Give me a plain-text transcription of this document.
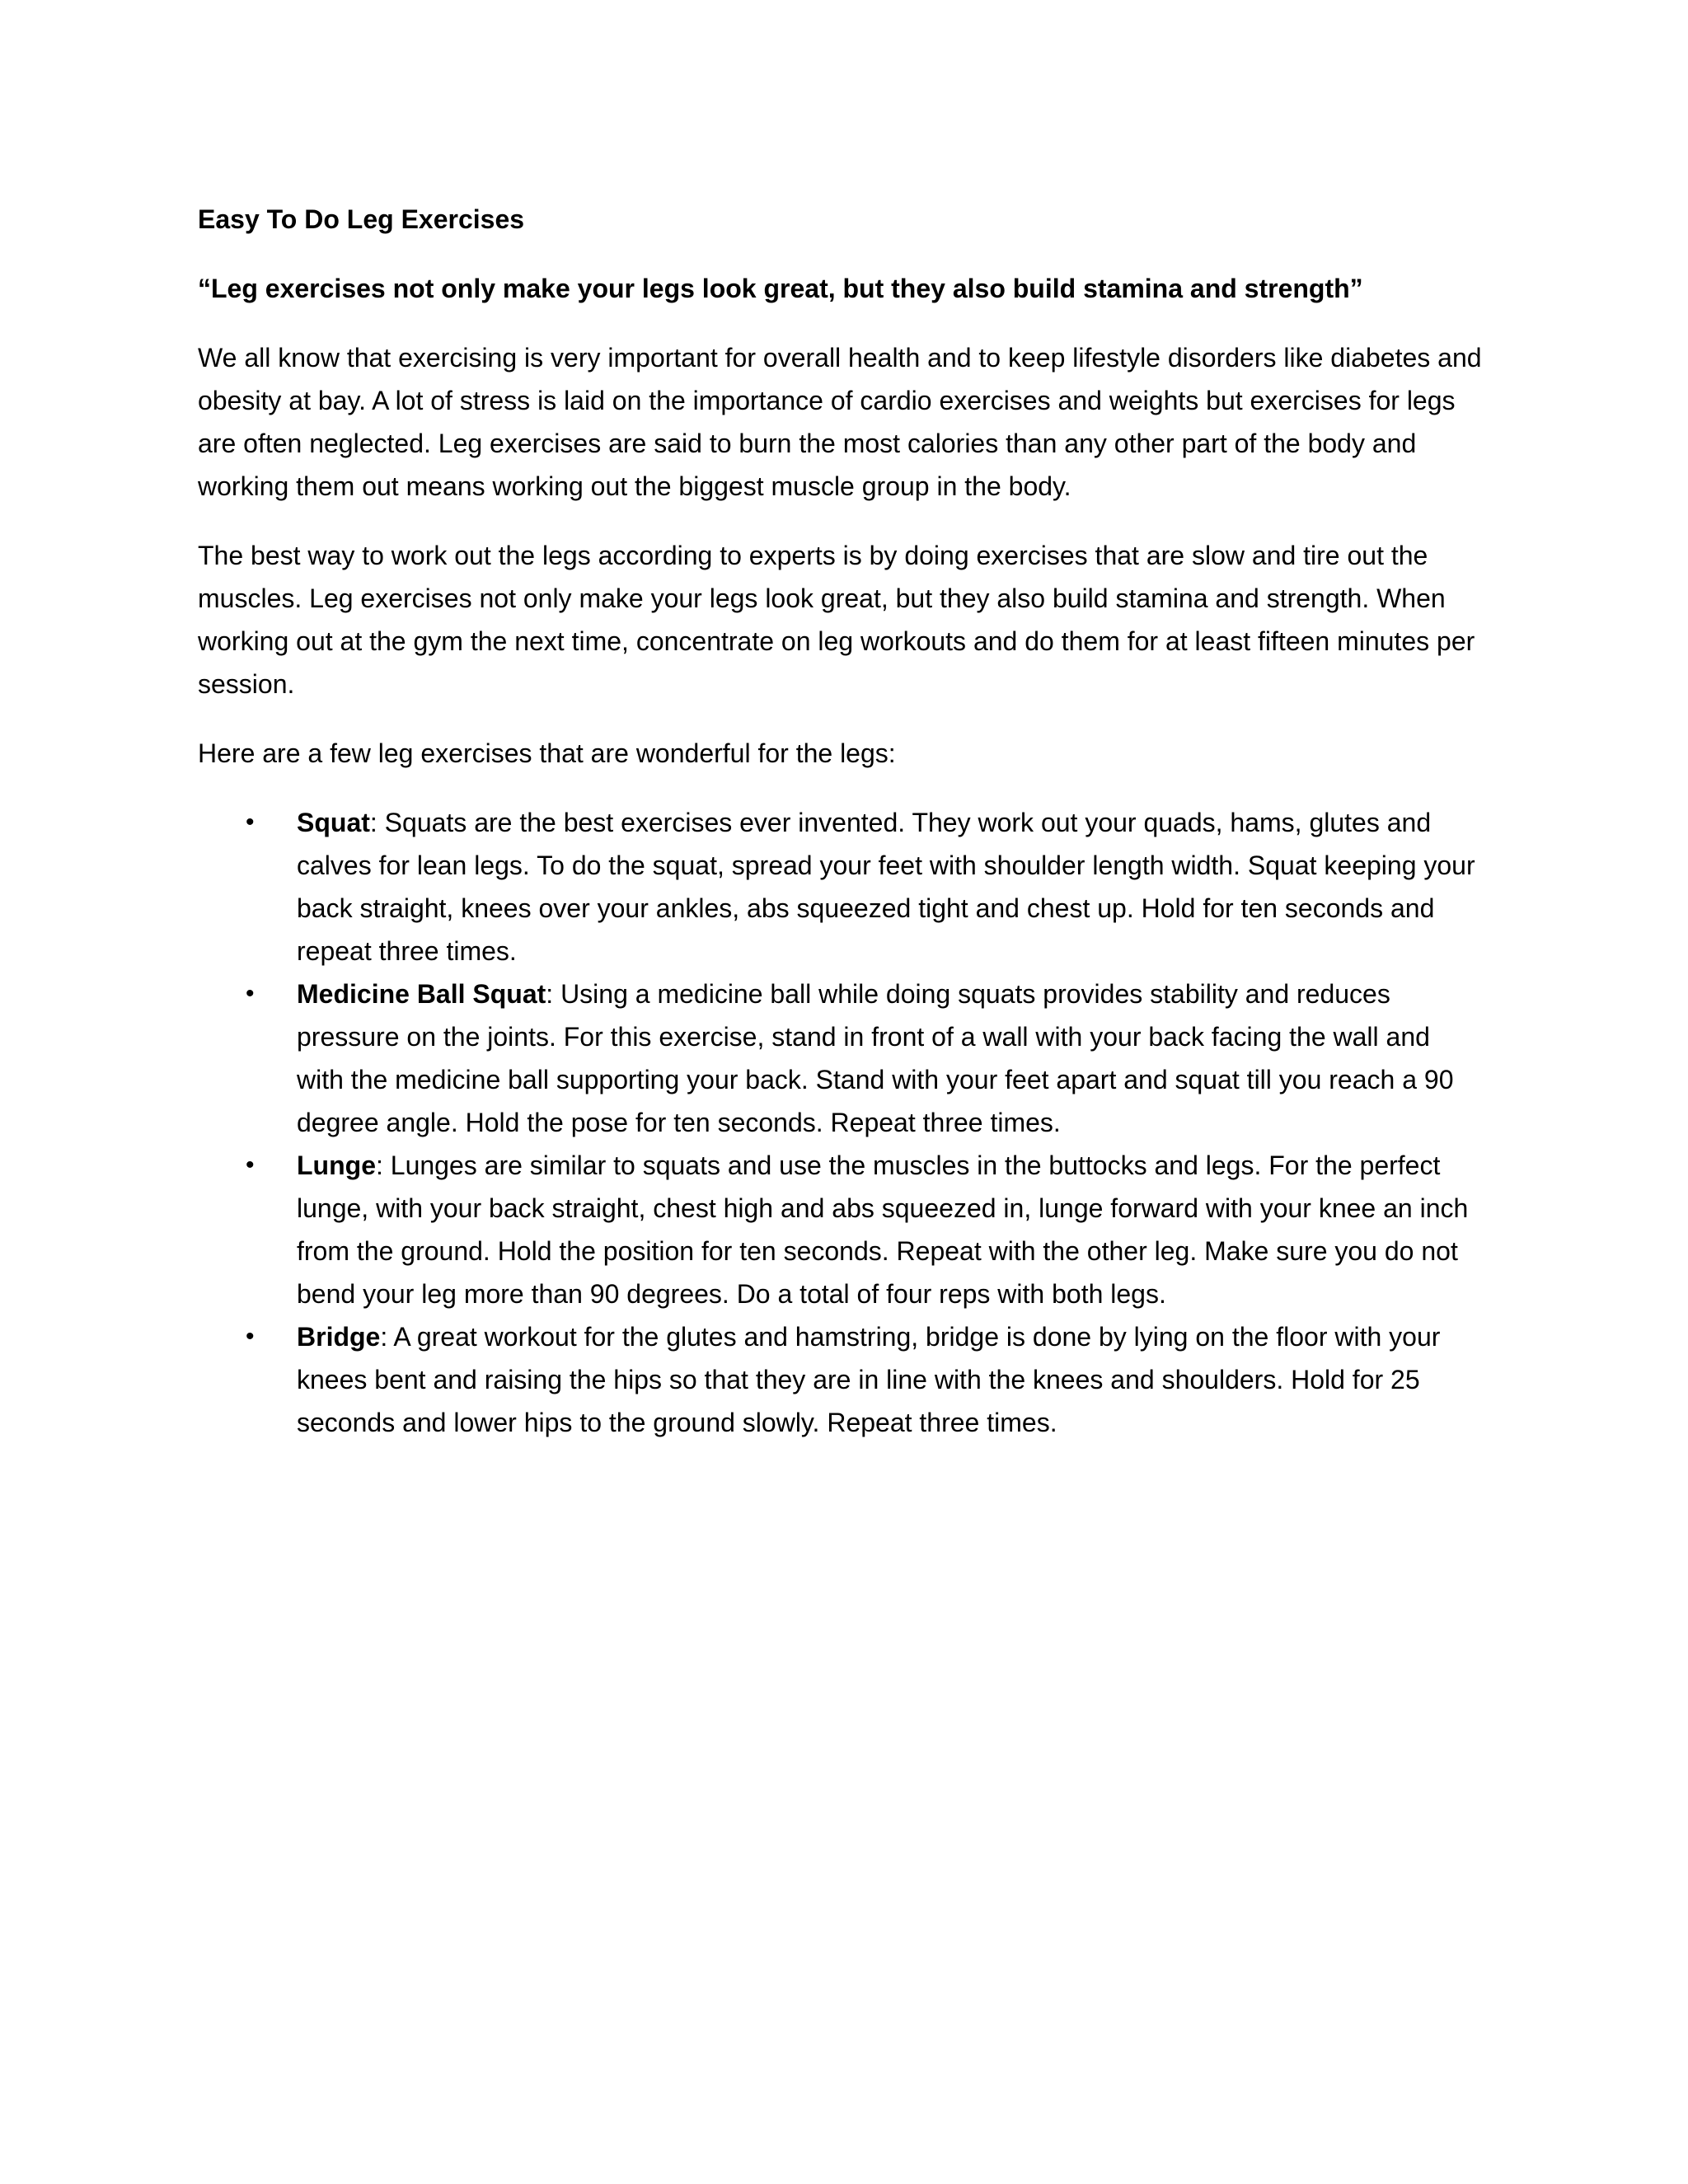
Easy To Do Leg Exercises
“Leg exercises not only make your legs look great, but they also build stamina and strength”

We all know that exercising is very important for overall health and to keep lifestyle disorders like diabetes and obesity at bay. A lot of stress is laid on the importance of cardio exercises and weights but exercises for legs are often neglected. Leg exercises are said to burn the most calories than any other part of the body and working them out means working out the biggest muscle group in the body.

The best way to work out the legs according to experts is by doing exercises that are slow and tire out the muscles. Leg exercises not only make your legs look great, but they also build stamina and strength. When working out at the gym the next time, concentrate on leg workouts and do them for at least fifteen minutes per session.

Here are a few leg exercises that are wonderful for the legs:

• Squat: Squats are the best exercises ever invented. They work out your quads, hams, glutes and calves for lean legs. To do the squat, spread your feet with shoulder length width. Squat keeping your back straight, knees over your ankles, abs squeezed tight and chest up. Hold for ten seconds and repeat three times.
• Medicine Ball Squat: Using a medicine ball while doing squats provides stability and reduces pressure on the joints. For this exercise, stand in front of a wall with your back facing the wall and with the medicine ball supporting your back. Stand with your feet apart and squat till you reach a 90 degree angle. Hold the pose for ten seconds. Repeat three times.
• Lunge: Lunges are similar to squats and use the muscles in the buttocks and legs. For the perfect lunge, with your back straight, chest high and abs squeezed in, lunge forward with your knee an inch from the ground. Hold the position for ten seconds. Repeat with the other leg. Make sure you do not bend your leg more than 90 degrees. Do a total of four reps with both legs.
• Bridge: A great workout for the glutes and hamstring, bridge is done by lying on the floor with your knees bent and raising the hips so that they are in line with the knees and shoulders. Hold for 25 seconds and lower hips to the ground slowly. Repeat three times.
